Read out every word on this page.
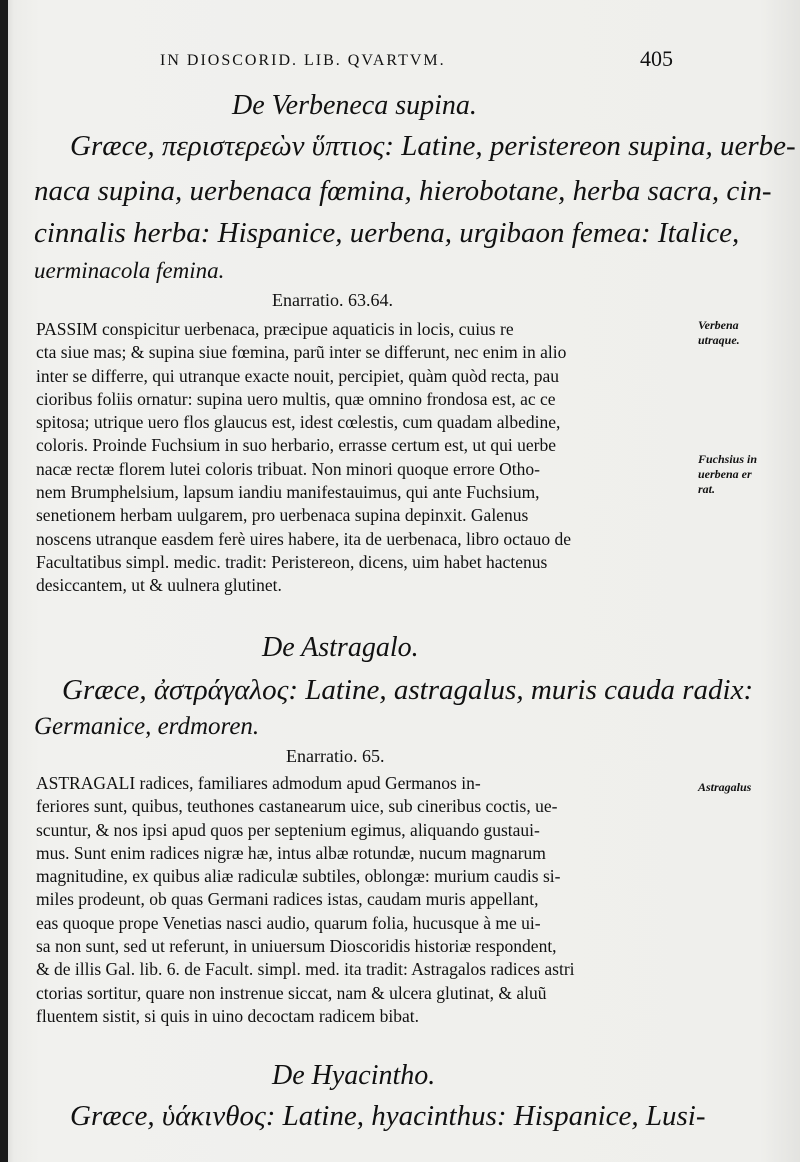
IN DIOSCORID. LIB. QVARTVM.	405
De Verbeneca supina.
Græce, περιστερεὼν ὕπτιος: Latine, peristereon supina, uerbe-
naca supina, uerbenaca fœmina, hierobotane, herba sacra, cin-
cinnalis herba: Hispanice, uerbena, urgibaon femea: Italice,
uerminacola femina.
Enarratio. 63.64.
PASSIM conspicitur uerbenaca, præcipue aquaticis in locis, cuius re
cta siue mas; & supina siue fœmina, parũ inter se differunt, nec enim in alio
inter se differre, qui utranque exacte nouit, percipiet, quàm quòd recta, pau
cioribus foliis ornatur: supina uero multis, quæ omnino frondosa est, ac ce
spitosa; utrique uero flos glaucus est, idest cœlestis, cum quadam albedine,
coloris. Proinde Fuchsium in suo herbario, errasse certum est, ut qui uerbe
nacæ rectæ florem lutei coloris tribuat. Non minori quoque errore Otho-
nem Brumphelsium, lapsum iandiu manifestauimus, qui ante Fuchsium,
senetionem herbam uulgarem, pro uerbenaca supina depinxit. Galenus
noscens utranque easdem ferè uires habere, ita de uerbenaca, libro octauo de
Facultatibus simpl. medic. tradit: Peristereon, dicens, uim habet hactenus
desiccantem, ut & uulnera glutinet.
Verbena
utraque.
Fuchsius in
uerbena er
rat.
De Astragalo.
Græce, ἀστράγαλος: Latine, astragalus, muris cauda radix:
Germanice, erdmoren.
Enarratio. 65.
ASTRAGALI radices, familiares admodum apud Germanos in-
feriores sunt, quibus, teuthones castanearum uice, sub cineribus coctis, ue-
scuntur, & nos ipsi apud quos per septenium egimus, aliquando gustaui-
mus. Sunt enim radices nigræ hæ, intus albæ rotundæ, nucum magnarum
magnitudine, ex quibus aliæ radiculæ subtiles, oblongæ: murium caudis si-
miles prodeunt, ob quas Germani radices istas, caudam muris appellant,
eas quoque prope Venetias nasci audio, quarum folia, hucusque à me ui-
sa non sunt, sed ut referunt, in uniuersum Dioscoridis historiæ respondent,
& de illis Gal. lib. 6. de Facult. simpl. med. ita tradit: Astragalos radices astri
ctorias sortitur, quare non instrenue siccat, nam & ulcera glutinat, & aluũ
fluentem sistit, si quis in uino decoctam radicem bibat.
Astragalus
De Hyacintho.
Græce, ὑάκινθος: Latine, hyacinthus: Hispanice, Lusi-
